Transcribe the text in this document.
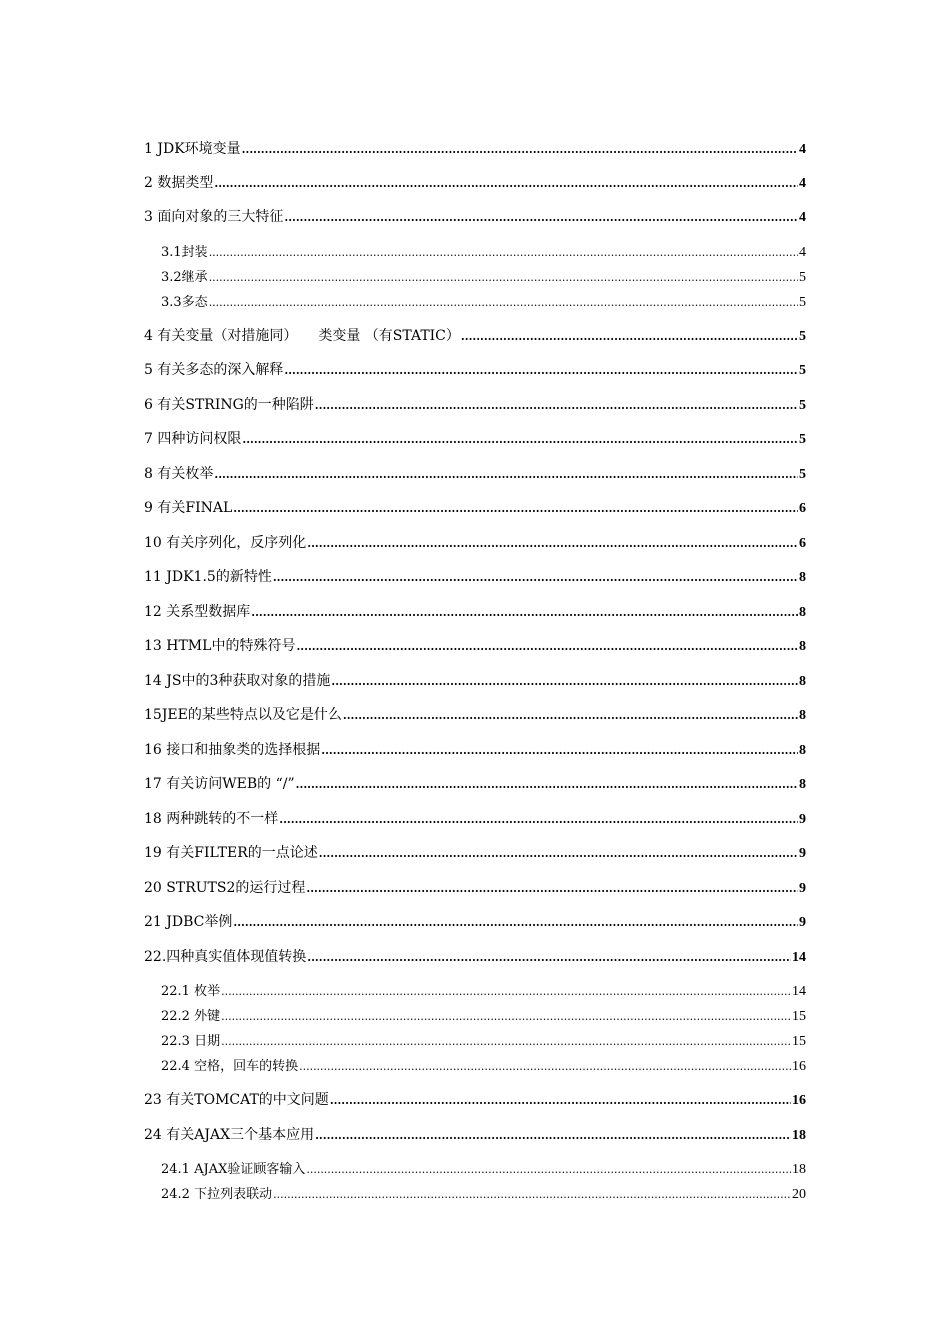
1 JDK环境变量 .....	4
2 数据类型 .....	4
3 面向对象的三大特征 .....	4
3.1封装 .....	4
3.2继承 .....	5
3.3多态 .....	5
4 有关变量（对措施同）　　类变量 （有STATIC） .....	5
5 有关多态的深入解释 .....	5
6 有关STRING的一种陷阱 .....	5
7 四种访问权限 .....	5
8 有关枚举 .....	5
9 有关FINAL .....	6
10 有关序列化，反序列化 .....	6
11 JDK1.5的新特性 .....	8
12 关系型数据库 .....	8
13 HTML中的特殊符号 .....	8
14 JS中的3种获取对象的措施 .....	8
15JEE的某些特点以及它是什么 .....	8
16 接口和抽象类的选择根据 .....	8
17 有关访问WEB的 “/” .....	8
18 两种跳转的不一样 .....	9
19 有关FILTER的一点论述 .....	9
20 STRUTS2的运行过程 .....	9
21 JDBC举例 .....	9
22.四种真实值体现值转换 .....	14
22.1 枚举 .....	14
22.2 外键 .....	15
22.3 日期 .....	15
22.4 空格，回车的转换 .....	16
23 有关TOMCAT的中文问题 .....	16
24 有关AJAX三个基本应用 .....	18
24.1 AJAX验证顾客输入 .....	18
24.2 下拉列表联动 .....	20
